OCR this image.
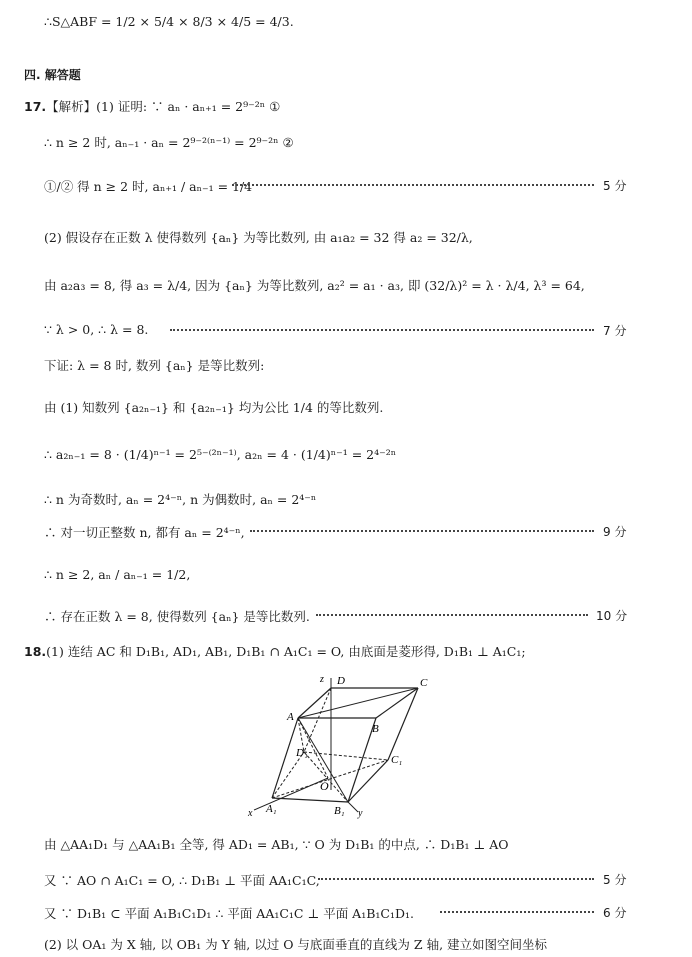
∴S△ABF = 1/2 × 5/4 × 8/3 × 4/5 = 4/3.
四. 解答题
17.【解析】(1) 证明: ∵ aₙ · aₙ₊₁ = 2⁹⁻²ⁿ ①
∴ n ≥ 2 时, aₙ₋₁ · aₙ = 2⁹⁻²⁽ⁿ⁻¹⁾ = 2⁹⁻²ⁿ ②
①/② 得 n ≥ 2 时, aₙ₊₁ / aₙ₋₁ = 1/4	5 分
(2) 假设存在正数 λ 使得数列 {aₙ} 为等比数列, 由 a₁a₂ = 32 得 a₂ = 32/λ,
由 a₂a₃ = 8, 得 a₃ = λ/4, 因为 {aₙ} 为等比数列, a₂² = a₁ · a₃, 即 (32/λ)² = λ · λ/4, λ³ = 64,
∵ λ > 0, ∴ λ = 8.	7 分
下证: λ = 8 时, 数列 {aₙ} 是等比数列:
由 (1) 知数列 {a₂ₙ₋₁} 和 {a₂ₙ₋₁} 均为公比 1/4 的等比数列.
∴ a₂ₙ₋₁ = 8 · (1/4)ⁿ⁻¹ = 2⁵⁻⁽²ⁿ⁻¹⁾, a₂ₙ = 4 · (1/4)ⁿ⁻¹ = 2⁴⁻²ⁿ
∴ n 为奇数时, aₙ = 2⁴⁻ⁿ, n 为偶数时, aₙ = 2⁴⁻ⁿ
∴ 对一切正整数 n, 都有 aₙ = 2⁴⁻ⁿ,	9 分
∴ n ≥ 2, aₙ / aₙ₋₁ = 1/2,
∴ 存在正数 λ = 8, 使得数列 {aₙ} 是等比数列.	10 分
18.(1) 连结 AC 和 D₁B₁, AD₁, AB₁, D₁B₁ ∩ A₁C₁ = O, 由底面是菱形得, D₁B₁ ⊥ A₁C₁;
z D	C
A
B
D₁
C₁
O
A₁	B₁
x	y
由 △AA₁D₁ 与 △AA₁B₁ 全等, 得 AD₁ = AB₁, ∵ O 为 D₁B₁ 的中点, ∴ D₁B₁ ⊥ AO
又 ∵ AO ∩ A₁C₁ = O, ∴ D₁B₁ ⊥ 平面 AA₁C₁C,	5 分
又 ∵ D₁B₁ ⊂ 平面 A₁B₁C₁D₁ ∴ 平面 AA₁C₁C ⊥ 平面 A₁B₁C₁D₁.	6 分
(2) 以 OA₁ 为 X 轴, 以 OB₁ 为 Y 轴, 以过 O 与底面垂直的直线为 Z 轴, 建立如图空间坐标
